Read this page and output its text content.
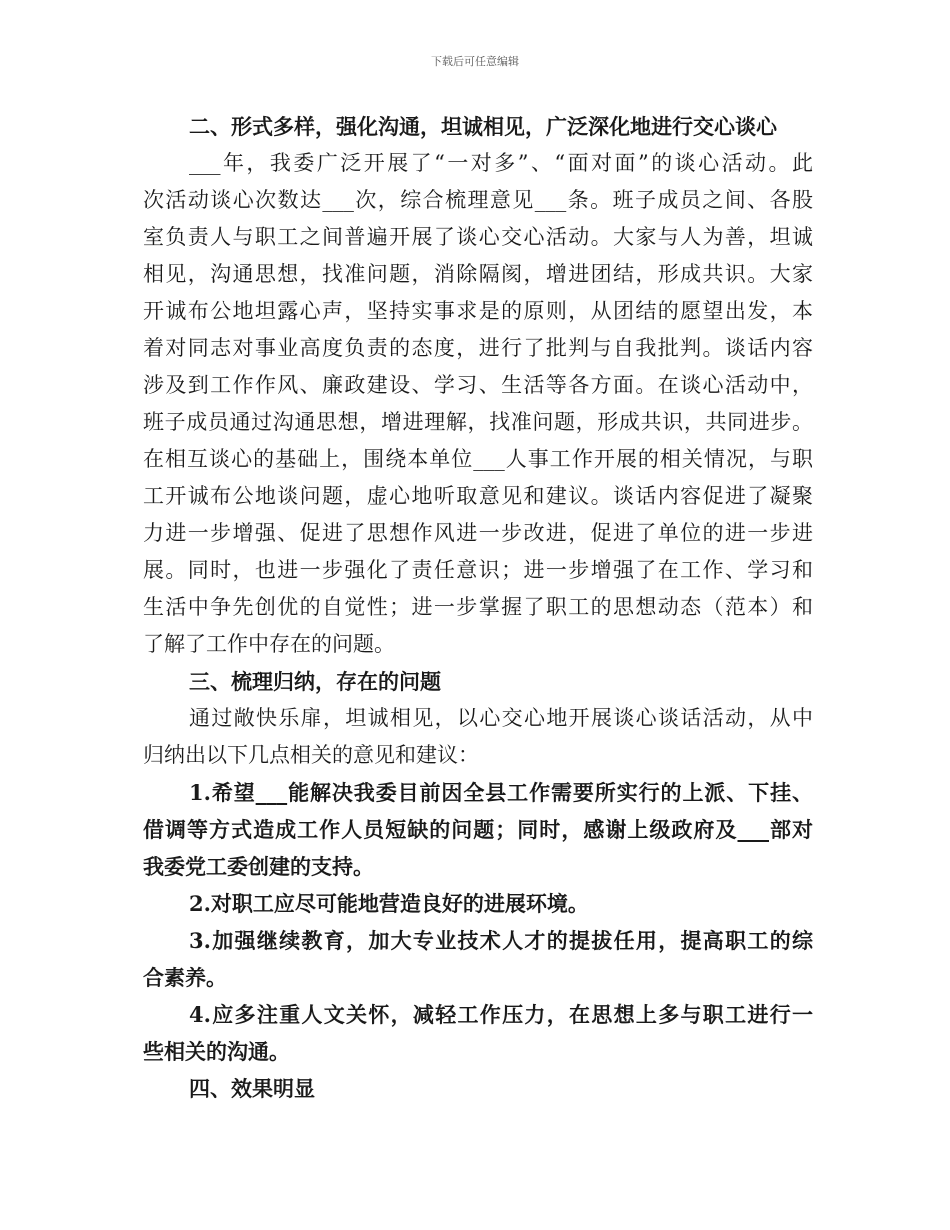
下载后可任意编辑

二、形式多样，强化沟通，坦诚相见，广泛深化地进行交心谈心

___年，我委广泛开展了“一对多”、“面对面”的谈心活动。此

次活动谈心次数达___次，综合梳理意见___条。班子成员之间、各股

室负责人与职工之间普遍开展了谈心交心活动。大家与人为善，坦诚

相见，沟通思想，找准问题，消除隔阂，增进团结，形成共识。大家

开诚布公地坦露心声，坚持实事求是的原则，从团结的愿望出发，本

着对同志对事业高度负责的态度，进行了批判与自我批判。谈话内容

涉及到工作作风、廉政建设、学习、生活等各方面。在谈心活动中，

班子成员通过沟通思想，增进理解，找准问题，形成共识，共同进步。

在相互谈心的基础上，围绕本单位___人事工作开展的相关情况，与职

工开诚布公地谈问题，虚心地听取意见和建议。谈话内容促进了凝聚

力进一步增强、促进了思想作风进一步改进，促进了单位的进一步进

展。同时，也进一步强化了责任意识；进一步增强了在工作、学习和

生活中争先创优的自觉性；进一步掌握了职工的思想动态（范本）和

了解了工作中存在的问题。

三、梳理归纳，存在的问题

通过敞快乐扉，坦诚相见，以心交心地开展谈心谈话活动，从中

归纳出以下几点相关的意见和建议：

1.希望___能解决我委目前因全县工作需要所实行的上派、下挂、

借调等方式造成工作人员短缺的问题；同时，感谢上级政府及___部对

我委党工委创建的支持。

2.对职工应尽可能地营造良好的进展环境。

3.加强继续教育，加大专业技术人才的提拔任用，提高职工的综

合素养。

4.应多注重人文关怀，减轻工作压力，在思想上多与职工进行一

些相关的沟通。

四、效果明显
